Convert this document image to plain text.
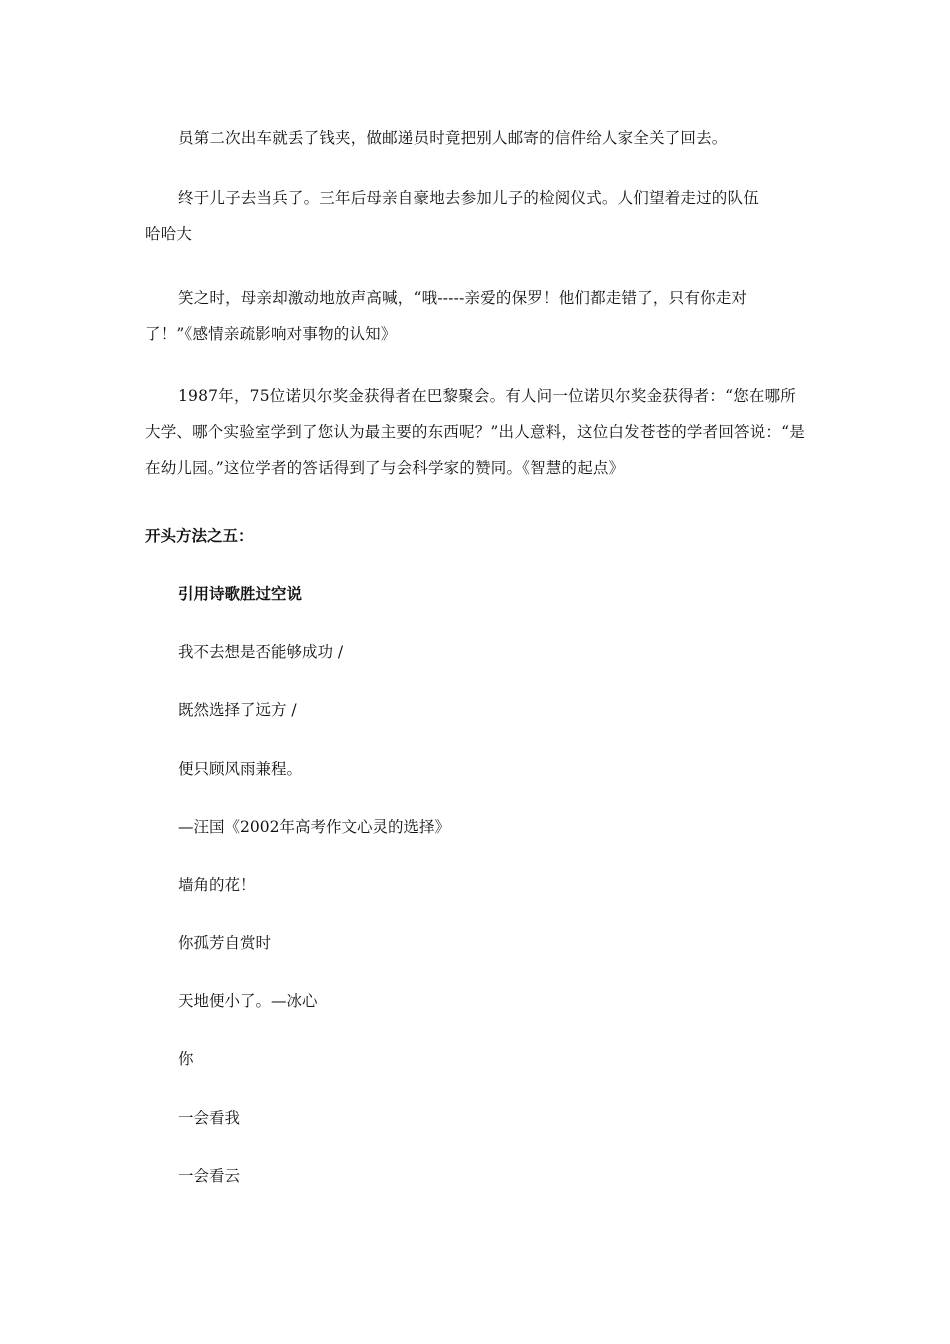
员第二次出车就丢了钱夹，做邮递员时竟把别人邮寄的信件给人家全关了回去。

终于儿子去当兵了。三年后母亲自豪地去参加儿子的检阅仪式。人们望着走过的队伍

哈哈大

笑之时，母亲却激动地放声高喊，“哦-----亲爱的保罗！他们都走错了，只有你走对了！”《感情亲疏影响对事物的认知》

1987年，75位诺贝尔奖金获得者在巴黎聚会。有人问一位诺贝尔奖金获得者：“您在哪所大学、哪个实验室学到了您认为最主要的东西呢？”出人意料，这位白发苍苍的学者回答说：“是在幼儿园。”这位学者的答话得到了与会科学家的赞同。《智慧的起点》

开头方法之五：
引用诗歌胜过空说

我不去想是否能够成功 /

既然选择了远方 /

便只顾风雨兼程。

—汪国《2002年高考作文心灵的选择》

墙角的花！

你孤芳自赏时

天地便小了。—冰心

你

一会看我

一会看云
